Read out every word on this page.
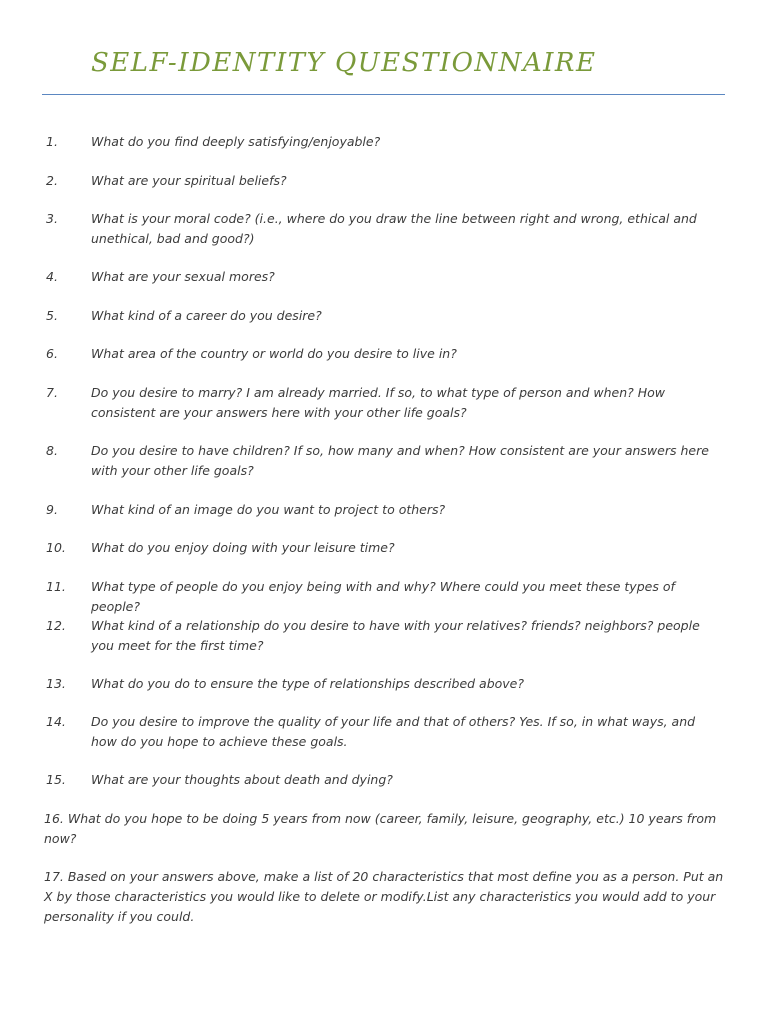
SELF-IDENTITY QUESTIONNAIRE
1.	What do you find deeply satisfying/enjoyable?
2.	What are your spiritual beliefs?
3.	What is your moral code? (i.e., where do you draw the line between right and wrong, ethical and unethical, bad and good?)
4.	What are your sexual mores?
5.	What kind of a career do you desire?
6.	What area of the country or world do you desire to live in?
7.	Do you desire to marry? I am already married. If so, to what type of person and when? How consistent are your answers here with your other life goals?
8.	Do you desire to have children? If so, how many and when? How consistent are your answers here with your other life goals?
9.	What kind of an image do you want to project to others?
10. What do you enjoy doing with your leisure time?
11. What type of people do you enjoy being with and why? Where could you meet these types of people?
12. What kind of a relationship do you desire to have with your relatives? friends? neighbors? people you meet for the first time?
13. What do you do to ensure the type of relationships described above?
14. Do you desire to improve the quality of your life and that of others? Yes. If so, in what ways, and how do you hope to achieve these goals.
15. What are your thoughts about death and dying?
16. What do you hope to be doing 5 years from now (career, family, leisure, geography, etc.) 10 years from now?
17. Based on your answers above, make a list of 20 characteristics that most define you as a person. Put an X by those characteristics you would like to delete or modify.List any characteristics you would add to your personality if you could.
